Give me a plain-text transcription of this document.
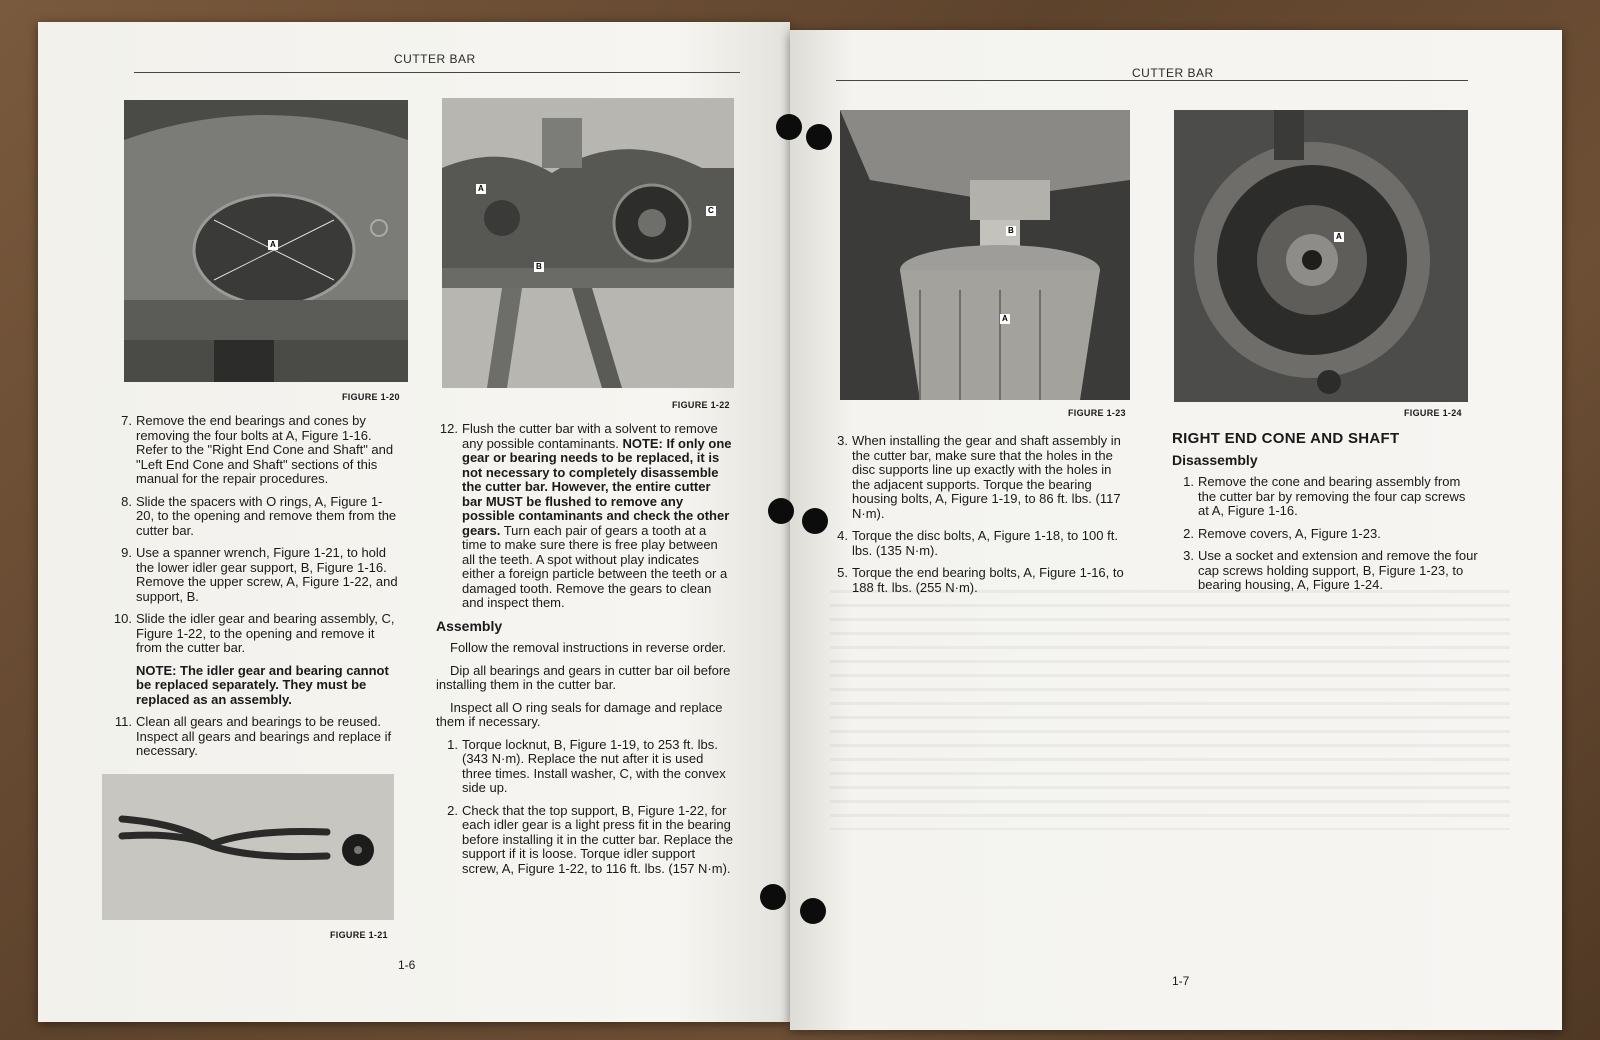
CUTTER BAR
A
FIGURE 1-20
A
B
C
FIGURE 1-22
7. Remove the end bearings and cones by removing the four bolts at A, Figure 1-16. Refer to the "Right End Cone and Shaft" and "Left End Cone and Shaft" sections of this manual for the repair procedures.
8. Slide the spacers with O rings, A, Figure 1-20, to the opening and remove them from the cutter bar.
9. Use a spanner wrench, Figure 1-21, to hold the lower idler gear support, B, Figure 1-16. Remove the upper screw, A, Figure 1-22, and support, B.
10. Slide the idler gear and bearing assembly, C, Figure 1-22, to the opening and remove it from the cutter bar.
NOTE: The idler gear and bearing cannot be replaced separately. They must be replaced as an assembly.
11. Clean all gears and bearings to be reused. Inspect all gears and bearings and replace if necessary.
FIGURE 1-21
12. Flush the cutter bar with a solvent to remove any possible contaminants. NOTE: If only one gear or bearing needs to be replaced, it is not necessary to completely disassemble the cutter bar. However, the entire cutter bar MUST be flushed to remove any possible contaminants and check the other gears. Turn each pair of gears a tooth at a time to make sure there is free play between all the teeth. A spot without play indicates either a foreign particle between the teeth or a damaged tooth. Remove the gears to clean and inspect them.
Assembly

Follow the removal instructions in reverse order.

Dip all bearings and gears in cutter bar oil before installing them in the cutter bar.

Inspect all O ring seals for damage and replace them if necessary.

1. Torque locknut, B, Figure 1-19, to 253 ft. lbs. (343 N·m). Replace the nut after it is used three times. Install washer, C, with the convex side up.
2. Check that the top support, B, Figure 1-22, for each idler gear is a light press fit in the bearing before installing it in the cutter bar. Replace the support if it is loose. Torque idler support screw, A, Figure 1-22, to 116 ft. lbs. (157 N·m).
1-6
CUTTER BAR
B
A
FIGURE 1-23
A
FIGURE 1-24
3. When installing the gear and shaft assembly in the cutter bar, make sure that the holes in the disc supports line up exactly with the holes in the adjacent supports. Torque the bearing housing bolts, A, Figure 1-19, to 86 ft. lbs. (117 N·m).
4. Torque the disc bolts, A, Figure 1-18, to 100 ft. lbs. (135 N·m).
5. Torque the end bearing bolts, A, Figure 1-16, to 188 ft. lbs. (255 N·m).
RIGHT END CONE AND SHAFT
Disassembly
1. Remove the cone and bearing assembly from the cutter bar by removing the four cap screws at A, Figure 1-16.
2. Remove covers, A, Figure 1-23.
3. Use a socket and extension and remove the four cap screws holding support, B, Figure 1-23, to bearing housing, A, Figure 1-24.
1-7
